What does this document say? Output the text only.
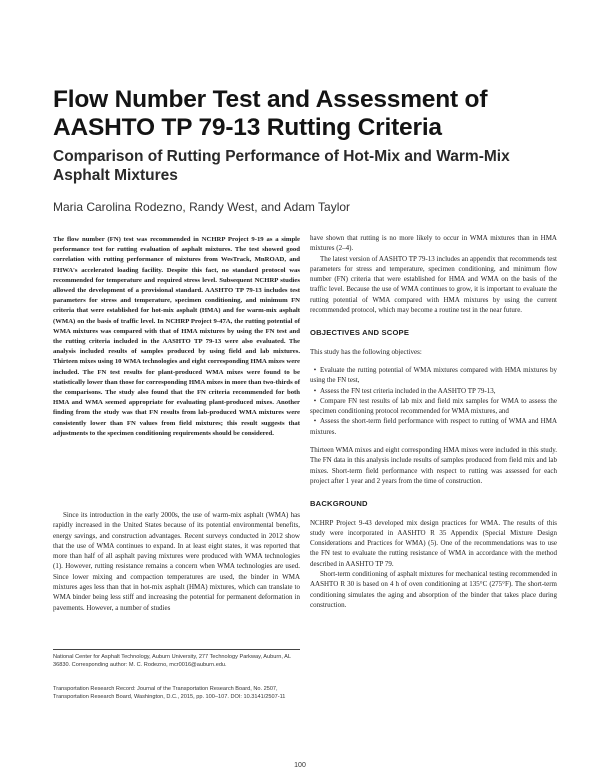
Flow Number Test and Assessment of AASHTO TP 79-13 Rutting Criteria
Comparison of Rutting Performance of Hot-Mix and Warm-Mix Asphalt Mixtures
Maria Carolina Rodezno, Randy West, and Adam Taylor

The flow number (FN) test was recommended in NCHRP Project 9-19 as a simple performance test for rutting evaluation of asphalt mixtures. The test showed good correlation with rutting performance of mixtures from WesTrack, MnROAD, and FHWA's accelerated loading facility. Despite this fact, no standard protocol was recommended for temperature and required stress level. Subsequent NCHRP studies allowed the development of a provisional standard. AASHTO TP 79-13 includes test parameters for stress and temperature, specimen conditioning, and minimum FN criteria that were established for hot-mix asphalt (HMA) and for warm-mix asphalt (WMA) on the basis of traffic level. In NCHRP Project 9-47A, the rutting potential of WMA mixtures was compared with that of HMA mixtures by using the FN test and the rutting criteria included in the AASHTO TP 79-13 were also evaluated. The analysis included results of samples produced by using field and lab mixtures. Thirteen mixes using 10 WMA technologies and eight corresponding HMA mixes were included. The FN test results for plant-produced WMA mixes were found to be statistically lower than those for corresponding HMA mixes in more than two-thirds of the comparisons. The study also found that the FN criteria recommended for both HMA and WMA seemed appropriate for evaluating plant-produced mixes. Another finding from the study was that FN results from lab-produced WMA mixtures were consistently lower than FN values from field mixtures; this result suggests that adjustments to the specimen conditioning requirements should be considered.

Since its introduction in the early 2000s, the use of warm-mix asphalt (WMA) has rapidly increased in the United States because of its potential environmental benefits, energy savings, and construction advantages. Recent surveys conducted in 2012 show that the use of WMA continues to expand. In at least eight states, it was reported that more than half of all asphalt paving mixtures were produced with WMA technologies (1). However, rutting resistance remains a concern when WMA technologies are used. Since lower mixing and compaction temperatures are used, the binder in WMA mixtures ages less than that in hot-mix asphalt (HMA) mixtures, which can translate to WMA binder being less stiff and increasing the potential for permanent deformation in pavements. However, a number of studies

National Center for Asphalt Technology, Auburn University, 277 Technology Parkway, Auburn, AL 36830. Corresponding author: M. C. Rodezno, mcr0016@auburn.edu.
Transportation Research Record: Journal of the Transportation Research Board, No. 2507, Transportation Research Board, Washington, D.C., 2015, pp. 100–107. DOI: 10.3141/2507-11

have shown that rutting is no more likely to occur in WMA mixtures than in HMA mixtures (2–4).

The latest version of AASHTO TP 79-13 includes an appendix that recommends test parameters for stress and temperature, specimen conditioning, and minimum flow number (FN) criteria that were established for HMA and WMA on the basis of the traffic level. Because the use of WMA continues to grow, it is important to evaluate the rutting potential of WMA compared with HMA mixtures by using the current recommended protocol, which may become a routine test in the near future.

OBJECTIVES AND SCOPE

This study has the following objectives:

• Evaluate the rutting potential of WMA mixtures compared with HMA mixtures by using the FN test,

• Assess the FN test criteria included in the AASHTO TP 79-13,

• Compare FN test results of lab mix and field mix samples for WMA to assess the specimen conditioning protocol recommended for WMA mixtures, and

• Assess the short-term field performance with respect to rutting of WMA and HMA mixtures.

Thirteen WMA mixes and eight corresponding HMA mixes were included in this study. The FN data in this analysis include results of samples produced from field mix and lab mixes. Short-term field performance with respect to rutting was assessed for each project after 1 year and 2 years from the time of construction.

BACKGROUND

NCHRP Project 9-43 developed mix design practices for WMA. The results of this study were incorporated in AASHTO R 35 Appendix (Special Mixture Design Considerations and Practices for WMA) (5). One of the recommendations was to use the FN test to evaluate the rutting resistance of WMA in accordance with the method described in AASHTO TP 79.

Short-term conditioning of asphalt mixtures for mechanical testing recommended in AASHTO R 30 is based on 4 h of oven conditioning at 135°C (275°F). The short-term conditioning simulates the aging and absorption of the binder that takes place during construction.

100
